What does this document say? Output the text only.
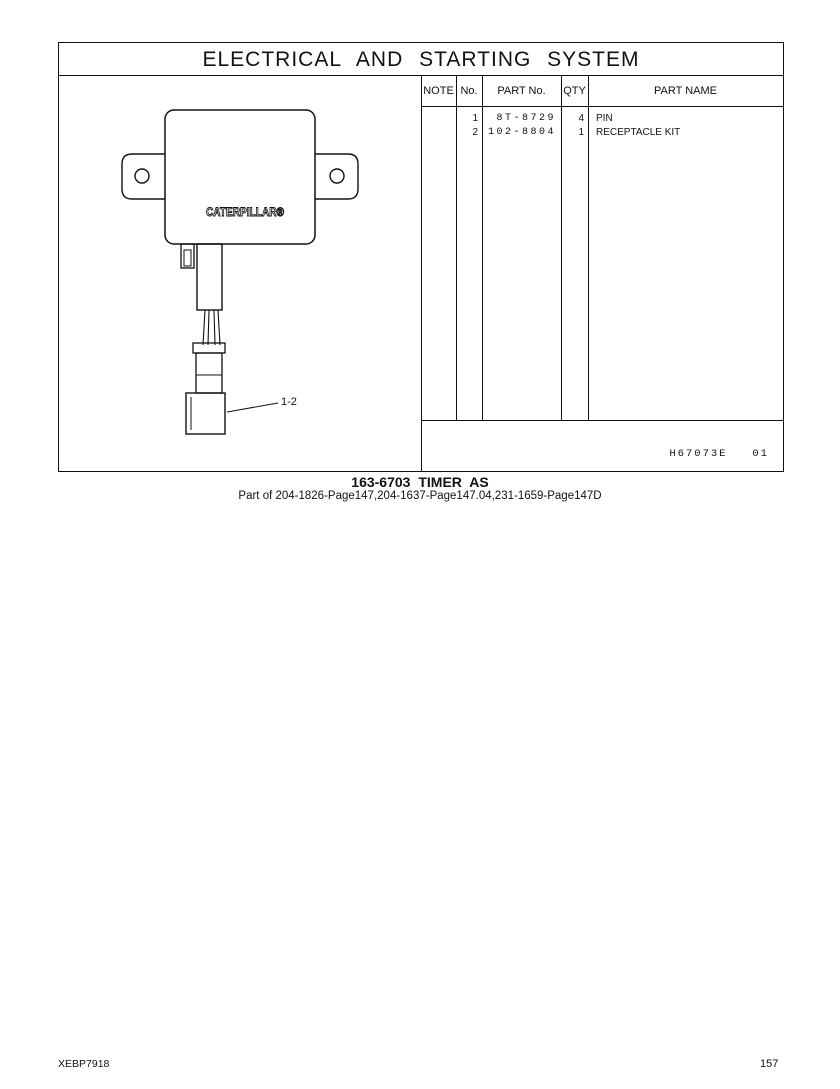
ELECTRICAL AND STARTING SYSTEM
CATERPILLAR®
1-2
NOTE No.	PART No.	QTY	PART NAME
1	8T-8729	4 PIN
2 102-8804	1 RECEPTACLE KIT
H67073E   01
163-6703 TIMER AS
Part of 204-1826-Page147,204-1637-Page147.04,231-1659-Page147D
XEBP7918	157
